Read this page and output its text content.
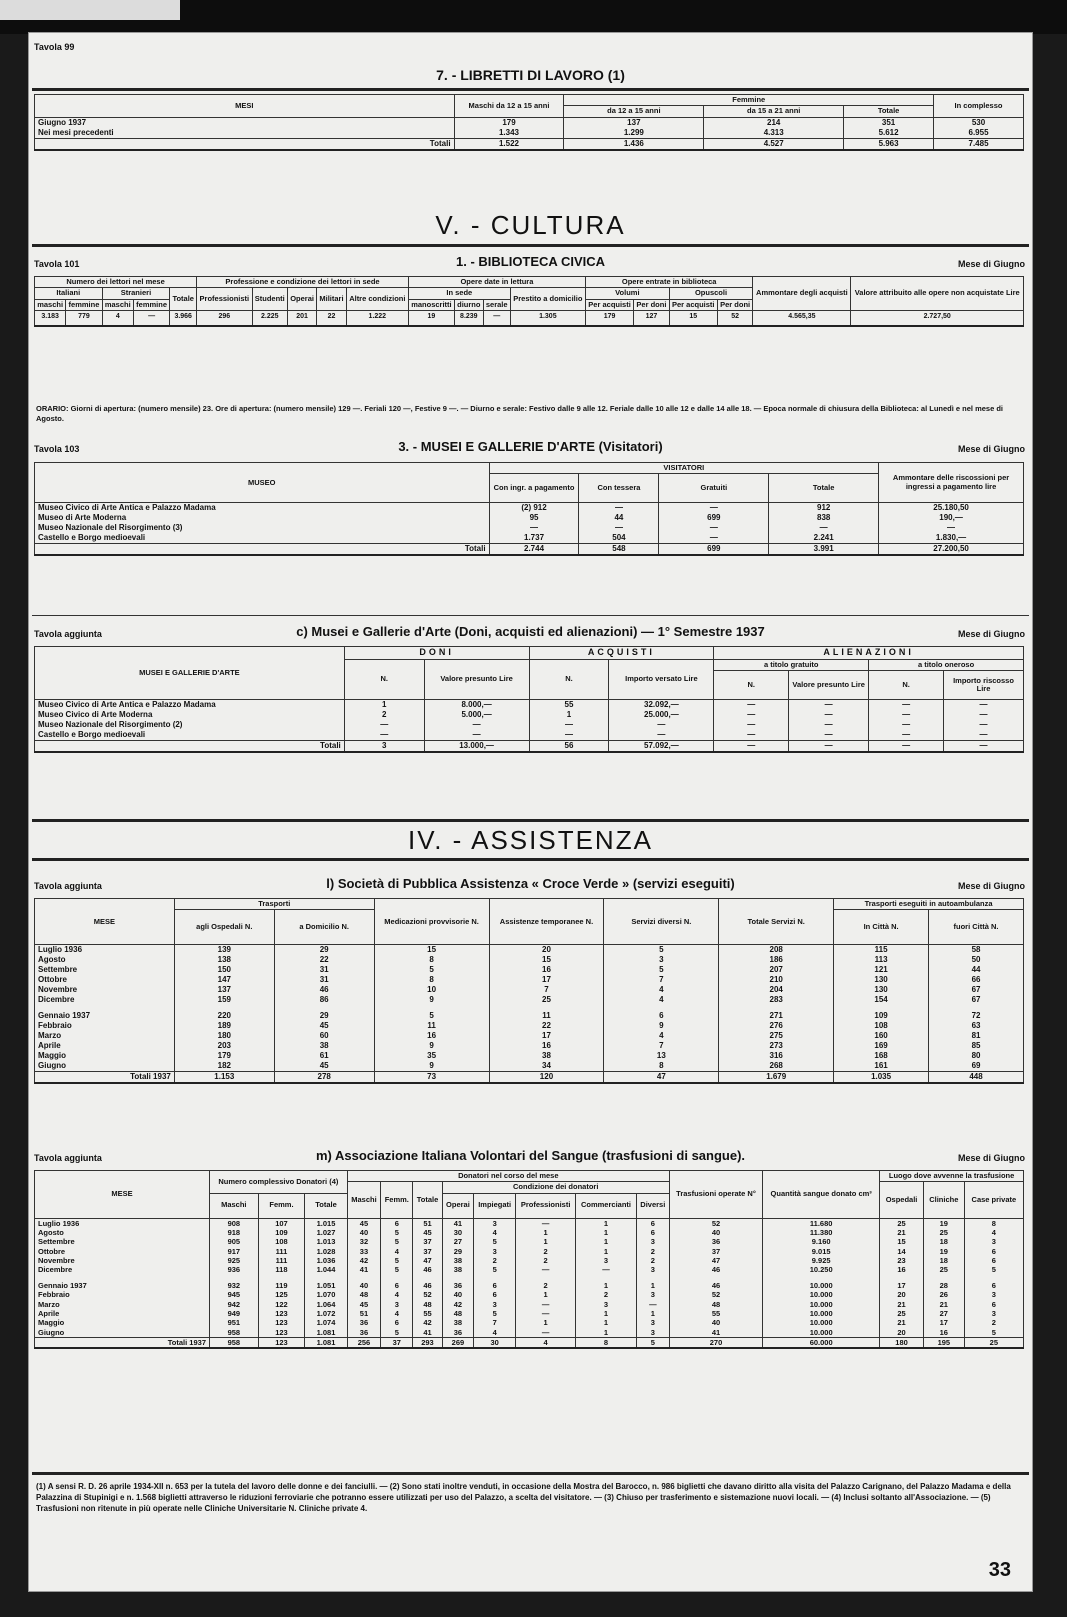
Tavola 99
7. - LIBRETTI DI LAVORO (1)
MESI	Maschi da 12 a 15 anni	Femmine			In complesso
		da 12 a 15 anni	da 15 a 21 anni	Totale	
Giugno 1937	179	137	214	351	530
Nei mesi precedenti	1.343	1.299	4.313	5.612	6.955
Totali	1.522	1.436	4.527	5.963	7.485
V. - CULTURA
Tavola 101	1. - BIBLIOTECA CIVICA	Mese di Giugno
Numero dei lettori nel mese					Professione e condizione dei lettori in sede					Opere date in lettura				Opere entrate in biblioteca				Ammontare degli acquisti	Valore attribuito alle opere non acquistate Lire
Italiani		Stranieri		Totale	Professionisti	Studenti	Operai	Militari	Altre condizioni	In sede			Prestito a domicilio	Volumi		Opuscoli			
maschi	femmine	maschi	femmine							manoscritti	diurno	serale		Per acquisti	Per doni	Per acquisti	Per doni		
3.183	779	4	—	3.966	296	2.225	201	22	1.222	19	8.239	—	1.305	179	127	15	52	4.565,35	2.727,50
ORARIO: Giorni di apertura: (numero mensile) 23. Ore di apertura: (numero mensile) 129 —. Feriali 120 —, Festive 9 —. — Diurno e serale: Festivo dalle 9 alle 12. Feriale dalle 10 alle 12 e dalle 14 alle 18. — Epoca normale di chiusura della Biblioteca: al Lunedì e nel mese di Agosto.
Tavola 103	3. - MUSEI E GALLERIE D'ARTE (Visitatori)	Mese di Giugno
MUSEO	VISITATORI				Ammontare delle riscossioni per ingressi a pagamento lire
	Con ingr. a pagamento	Con tessera	Gratuiti	Totale	
Museo Civico di Arte Antica e Palazzo Madama	(2) 912	—	—	912	25.180,50
Museo di Arte Moderna	95	44	699	838	190,—
Museo Nazionale del Risorgimento (3)	—	—	—	—	—
Castello e Borgo medioevali	1.737	504	—	2.241	1.830,—
Totali	2.744	548	699	3.991	27.200,50
Tavola aggiunta	c) Musei e Gallerie d'Arte (Doni, acquisti ed alienazioni) — 1° Semestre 1937	Mese di Giugno
MUSEI E GALLERIE D'ARTE	DONI		ACQUISTI		ALIENAZIONI			
	N.	Valore presunto Lire	N.	Importo versato Lire	a titolo gratuito		a titolo oneroso	
					N.	Valore presunto Lire	N.	Importo riscosso Lire
Museo Civico di Arte Antica e Palazzo Madama	1	8.000,—	55	32.092,—	—	—	—	—
Museo Civico di Arte Moderna	2	5.000,—	1	25.000,—	—	—	—	—
Museo Nazionale del Risorgimento (2)	—	—	—	—	—	—	—	—
Castello e Borgo medioevali	—	—	—	—	—	—	—	—
Totali	3	13.000,—	56	57.092,—	—	—	—	—
IV. - ASSISTENZA
Tavola aggiunta	l) Società di Pubblica Assistenza « Croce Verde » (servizi eseguiti)	Mese di Giugno
MESE	Trasporti		Medicazioni provvisorie N.	Assistenze temporanee N.	Servizi diversi N.	Totale Servizi N.	Trasporti eseguiti in autoambulanza	
	agli Ospedali N.	a Domicilio N.					In Città N.	fuori Città N.
Luglio 1936	139	29	15	20	5	208	115	58
Agosto	138	22	8	15	3	186	113	50
Settembre	150	31	5	16	5	207	121	44
Ottobre	147	31	8	17	7	210	130	66
Novembre	137	46	10	7	4	204	130	67
Dicembre	159	86	9	25	4	283	154	67

Gennaio 1937	220	29	5	11	6	271	109	72
Febbraio	189	45	11	22	9	276	108	63
Marzo	180	60	16	17	4	275	160	81
Aprile	203	38	9	16	7	273	169	85
Maggio	179	61	35	38	13	316	168	80
Giugno	182	45	9	34	8	268	161	69
Totali 1937	1.153	278	73	120	47	1.679	1.035	448
Tavola aggiunta	m) Associazione Italiana Volontari del Sangue (trasfusioni di sangue).	Mese di Giugno
MESE	Numero complessivo Donatori (4)			Donatori nel corso del mese								Trasfusioni operate N°	Quantità sangue donato cm³	Luogo dove avvenne la trasfusione		
				Maschi	Femm.	Totale	Condizione dei donatori							Ospedali	Cliniche	Case private
	Maschi	Femm.	Totale				Operai	Impiegati	Professionisti	Commercianti	Diversi					
Luglio 1936	908	107	1.015	45	6	51	41	3	—	1	6	52	11.680	25	19	8
Agosto	918	109	1.027	40	5	45	30	4	1	1	6	40	11.380	21	25	4
Settembre	905	108	1.013	32	5	37	27	5	1	1	3	36	9.160	15	18	3
Ottobre	917	111	1.028	33	4	37	29	3	2	1	2	37	9.015	14	19	6
Novembre	925	111	1.036	42	5	47	38	2	2	3	2	47	9.925	23	18	6
Dicembre	936	118	1.044	41	5	46	38	5	—	—	3	46	10.250	16	25	5

Gennaio 1937	932	119	1.051	40	6	46	36	6	2	1	1	46	10.000	17	28	6
Febbraio	945	125	1.070	48	4	52	40	6	1	2	3	52	10.000	20	26	3
Marzo	942	122	1.064	45	3	48	42	3	—	3	—	48	10.000	21	21	6
Aprile	949	123	1.072	51	4	55	48	5	—	1	1	55	10.000	25	27	3
Maggio	951	123	1.074	36	6	42	38	7	1	1	3	40	10.000	21	17	2
Giugno	958	123	1.081	36	5	41	36	4	—	1	3	41	10.000	20	16	5
Totali 1937	958	123	1.081	256	37	293	269	30	4	8	5	270	60.000	180	195	25
(1) A sensi R. D. 26 aprile 1934-XII n. 653 per la tutela del lavoro delle donne e dei fanciulli. — (2) Sono stati inoltre venduti, in occasione della Mostra del Barocco, n. 986 biglietti che davano diritto alla visita del Palazzo Carignano, del Palazzo Madama e della Palazzina di Stupinigi e n. 1.568 biglietti attraverso le riduzioni ferroviarie che potranno essere utilizzati per uso del Palazzo, a scelta del visitatore. — (3) Chiuso per trasferimento e sistemazione nuovi locali. — (4) Inclusi soltanto all'Associazione. — (5) Trasfusioni non ritenute in più operate nelle Cliniche Universitarie N. Cliniche private 4.
33
